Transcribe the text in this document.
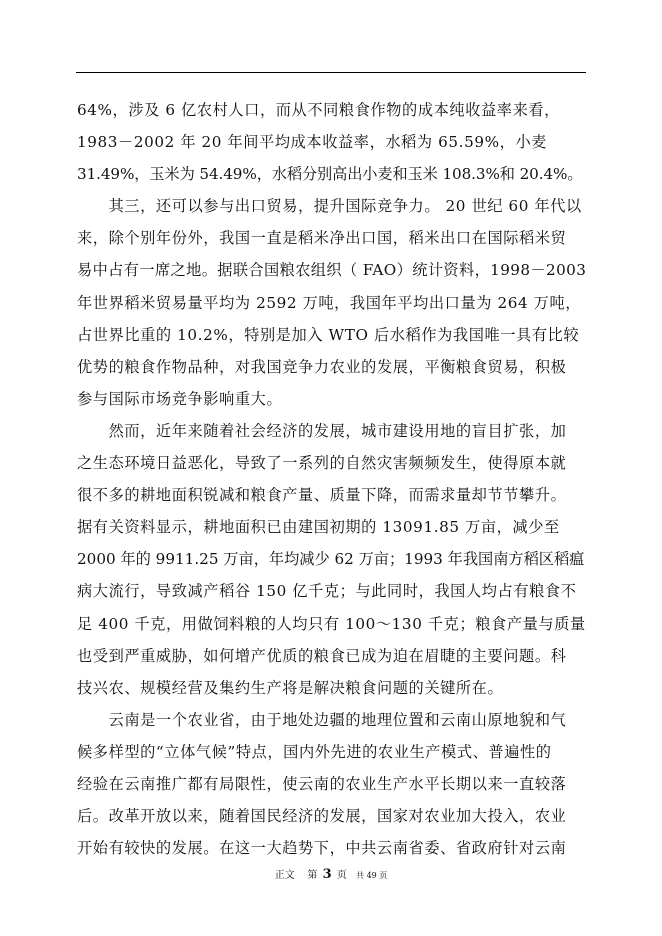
64%，涉及 6 亿农村人口，而从不同粮食作物的成本纯收益率来看，
1983－2002 年 20 年间平均成本收益率，水稻为 65.59%，小麦
31.49%，玉米为 54.49%，水稻分别高出小麦和玉米 108.3%和 20.4%。
　　其三，还可以参与出口贸易，提升国际竞争力。 20 世纪 60 年代以
来，除个别年份外，我国一直是稻米净出口国，稻米出口在国际稻米贸
易中占有一席之地。据联合国粮农组织（ FAO）统计资料，1998－2003
年世界稻米贸易量平均为 2592 万吨，我国年平均出口量为 264 万吨，
占世界比重的 10.2%，特别是加入 WTO 后水稻作为我国唯一具有比较
优势的粮食作物品种，对我国竞争力农业的发展，平衡粮食贸易，积极
参与国际市场竞争影响重大。
　　然而，近年来随着社会经济的发展，城市建设用地的盲目扩张，加
之生态环境日益恶化，导致了一系列的自然灾害频频发生，使得原本就
很不多的耕地面积锐减和粮食产量、质量下降，而需求量却节节攀升。
据有关资料显示，耕地面积已由建国初期的 13091.85 万亩，减少至
2000 年的 9911.25 万亩，年均减少 62 万亩；1993 年我国南方稻区稻瘟
病大流行，导致减产稻谷 150 亿千克；与此同时，我国人均占有粮食不
足 400 千克，用做饲料粮的人均只有 100～130 千克；粮食产量与质量
也受到严重威胁，如何增产优质的粮食已成为迫在眉睫的主要问题。科
技兴农、规模经营及集约生产将是解决粮食问题的关键所在。
　　云南是一个农业省，由于地处边疆的地理位置和云南山原地貌和气
候多样型的“立体气候”特点，国内外先进的农业生产模式、普遍性的
经验在云南推广都有局限性，使云南的农业生产水平长期以来一直较落
后。改革开放以来，随着国民经济的发展，国家对农业加大投入，农业
开始有较快的发展。在这一大趋势下，中共云南省委、省政府针对云南
正文 第 3 页 共 49 页
